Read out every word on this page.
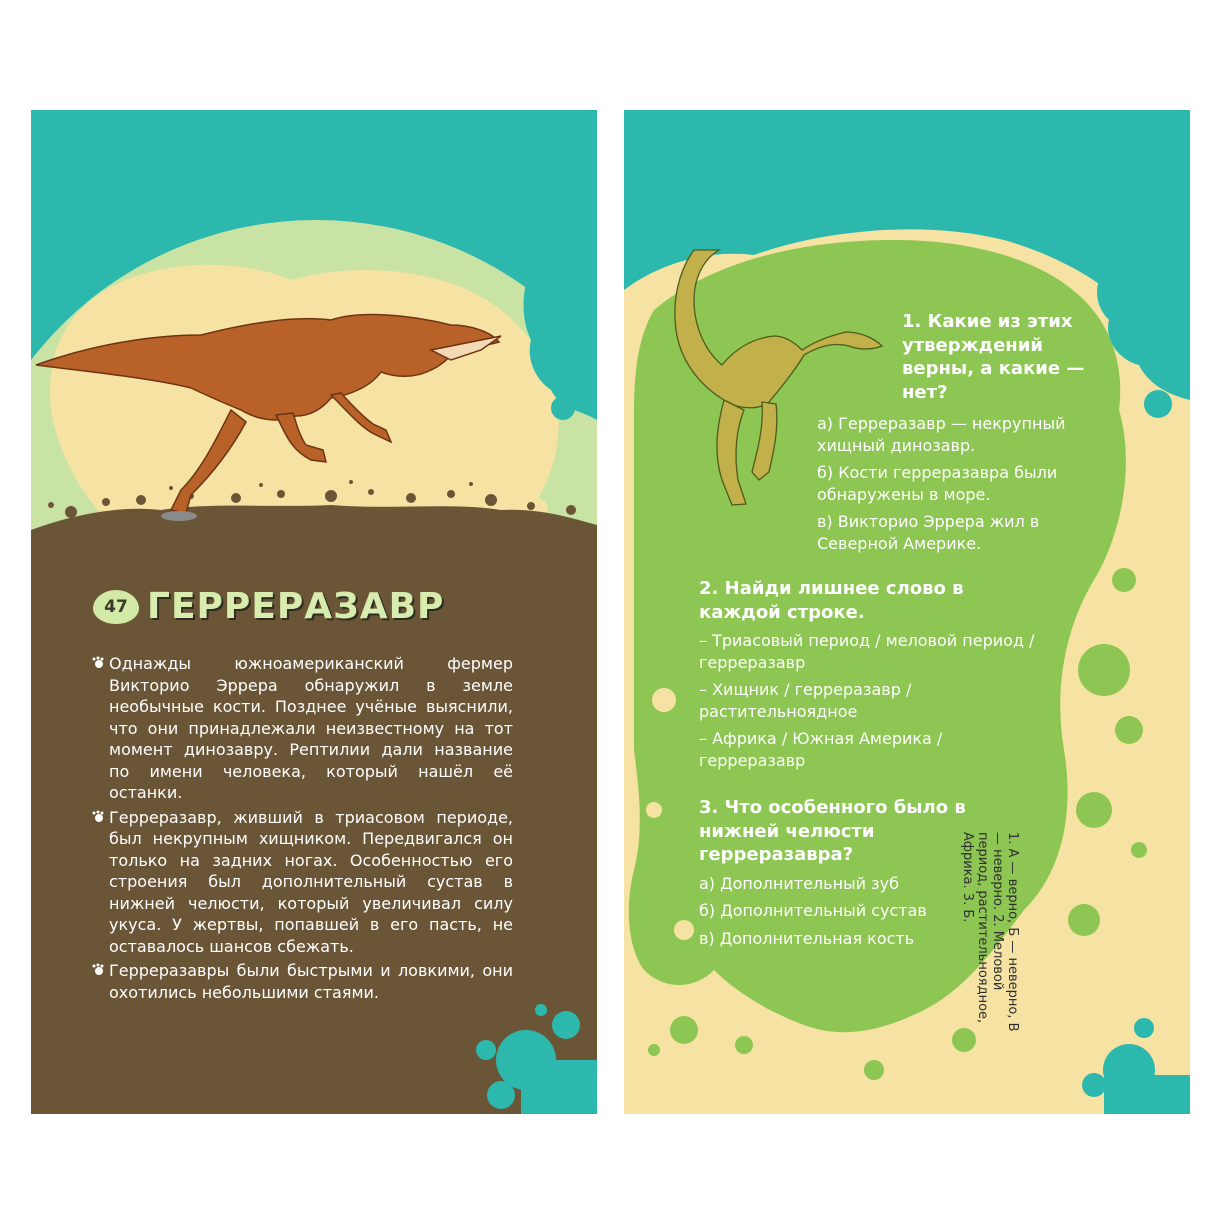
47 ГЕРРЕРАЗАВР

Однажды южноамериканский фермер Викторио Эррера обнаружил в земле необычные кости. Позднее учёные выяснили, что они принадлежали неизвестному на тот момент динозавру. Рептилии дали название по имени человека, который нашёл её останки.

Герреразавр, живший в триасовом периоде, был некрупным хищником. Передвигался он только на задних ногах. Особенностью его строения был дополнительный сустав в нижней челюсти, который увеличивал силу укуса. У жертвы, попавшей в его пасть, не оставалось шансов сбежать.

Герреразавры были быстрыми и ловкими, они охотились небольшими стаями.

1. Какие из этих утверждений верны, а какие — нет?

а) Герреразавр — некрупный хищный динозавр.

б) Кости герреразавра были обнаружены в море.

в) Викторио Эррера жил в Северной Америке.

2. Найди лишнее слово в каждой строке.

– Триасовый период / меловой период / герреразавр

– Хищник / герреразавр / растительноядное

– Африка / Южная Америка / герреразавр

3. Что особенного было в нижней челюсти герреразавра?

а) Дополнительный зуб

б) Дополнительный сустав

в) Дополнительная кость	1. А — верно, Б — неверно, В — неверно. 2. Меловой период, растительноядное, Африка. 3. Б.
